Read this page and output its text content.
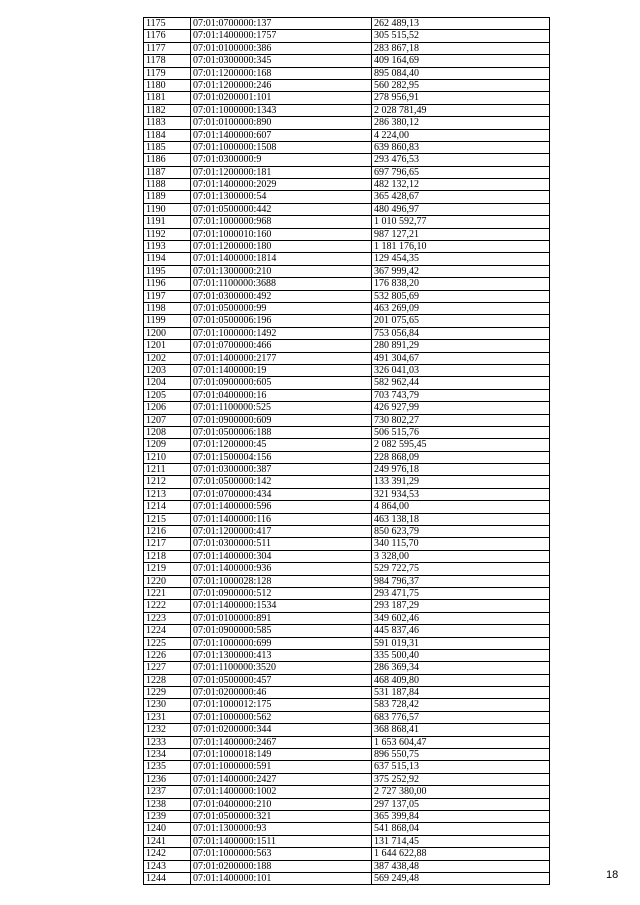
1175	07:01:0700000:137	262 489,13
1176	07:01:1400000:1757	305 515,52
1177	07:01:0100000:386	283 867,18
1178	07:01:0300000:345	409 164,69
1179	07:01:1200000:168	895 084,40
1180	07:01:1200000:246	560 282,95
1181	07:01:0200001:101	278 956,91
1182	07:01:1000000:1343	2 028 781,49
1183	07:01:0100000:890	286 380,12
1184	07:01:1400000:607	4 224,00
1185	07:01:1000000:1508	639 860,83
1186	07:01:0300000:9	293 476,53
1187	07:01:1200000:181	697 796,65
1188	07:01:1400000:2029	482 132,12
1189	07:01:1300000:54	365 428,67
1190	07:01:0500000:442	480 496,97
1191	07:01:1000000:968	1 010 592,77
1192	07:01:1000010:160	987 127,21
1193	07:01:1200000:180	1 181 176,10
1194	07:01:1400000:1814	129 454,35
1195	07:01:1300000:210	367 999,42
1196	07:01:1100000:3688	176 838,20
1197	07:01:0300000:492	532 805,69
1198	07:01:0500000:99	463 269,09
1199	07:01:0500006:196	201 075,65
1200	07:01:1000000:1492	753 056,84
1201	07:01:0700000:466	280 891,29
1202	07:01:1400000:2177	491 304,67
1203	07:01:1400000:19	326 041,03
1204	07:01:0900000:605	582 962,44
1205	07:01:0400000:16	703 743,79
1206	07:01:1100000:525	426 927,99
1207	07:01:0900000:609	730 802,27
1208	07:01:0500006:188	506 515,76
1209	07:01:1200000:45	2 082 595,45
1210	07:01:1500004:156	228 868,09
1211	07:01:0300000:387	249 976,18
1212	07:01:0500000:142	133 391,29
1213	07:01:0700000:434	321 934,53
1214	07:01:1400000:596	4 864,00
1215	07:01:1400000:116	463 138,18
1216	07:01:1200000:417	850 623,79
1217	07:01:0300000:511	340 115,70
1218	07:01:1400000:304	3 328,00
1219	07:01:1400000:936	529 722,75
1220	07:01:1000028:128	984 796,37
1221	07:01:0900000:512	293 471,75
1222	07:01:1400000:1534	293 187,29
1223	07:01:0100000:891	349 602,46
1224	07:01:0900000:585	445 837,46
1225	07:01:1000000:699	591 019,31
1226	07:01:1300000:413	335 500,40
1227	07:01:1100000:3520	286 369,34
1228	07:01:0500000:457	468 409,80
1229	07:01:0200000:46	531 187,84
1230	07:01:1000012:175	583 728,42
1231	07:01:1000000:562	683 776,57
1232	07:01:0200000:344	368 868,41
1233	07:01:1400000:2467	1 653 604,47
1234	07:01:1000018:149	896 550,75
1235	07:01:1000000:591	637 515,13
1236	07:01:1400000:2427	375 252,92
1237	07:01:1400000:1002	2 727 380,00
1238	07:01:0400000:210	297 137,05
1239	07:01:0500000:321	365 399,84
1240	07:01:1300000:93	541 868,04
1241	07:01:1400000:1511	131 714,45
1242	07:01:1000000:563	1 644 622,88
1243	07:01:0200000:188	387 438,48
1244	07:01:1400000:101	569 249,48	18
